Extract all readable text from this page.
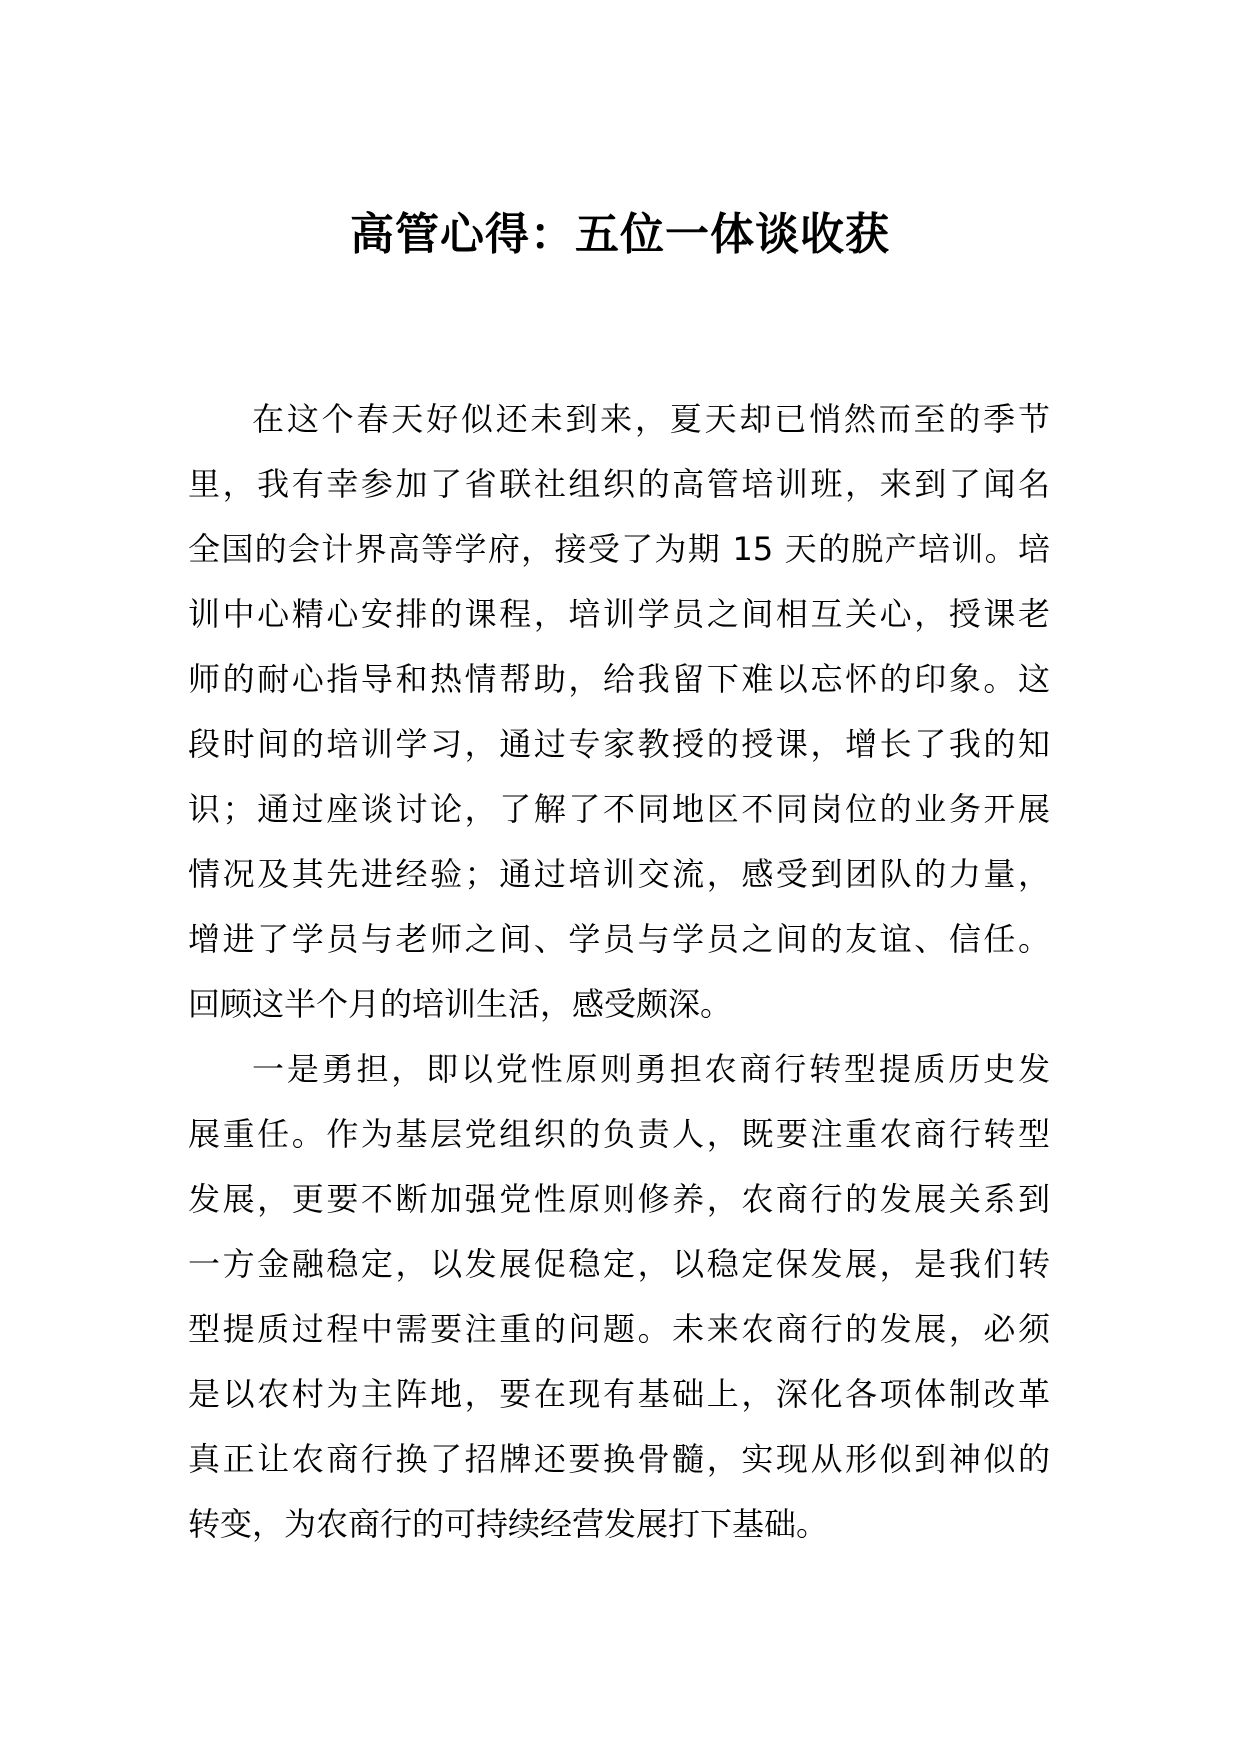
高管心得：五位一体谈收获
在这个春天好似还未到来，夏天却已悄然而至的季节
里，我有幸参加了省联社组织的高管培训班，来到了闻名
全国的会计界高等学府，接受了为期 15 天的脱产培训。培
训中心精心安排的课程，培训学员之间相互关心，授课老
师的耐心指导和热情帮助，给我留下难以忘怀的印象。这
段时间的培训学习，通过专家教授的授课，增长了我的知
识；通过座谈讨论，了解了不同地区不同岗位的业务开展
情况及其先进经验；通过培训交流，感受到团队的力量，
增进了学员与老师之间、学员与学员之间的友谊、信任。
回顾这半个月的培训生活，感受颇深。
一是勇担，即以党性原则勇担农商行转型提质历史发
展重任。作为基层党组织的负责人，既要注重农商行转型
发展，更要不断加强党性原则修养，农商行的发展关系到
一方金融稳定，以发展促稳定，以稳定保发展，是我们转
型提质过程中需要注重的问题。未来农商行的发展，必须
是以农村为主阵地，要在现有基础上，深化各项体制改革
真正让农商行换了招牌还要换骨髓，实现从形似到神似的
转变，为农商行的可持续经营发展打下基础。
